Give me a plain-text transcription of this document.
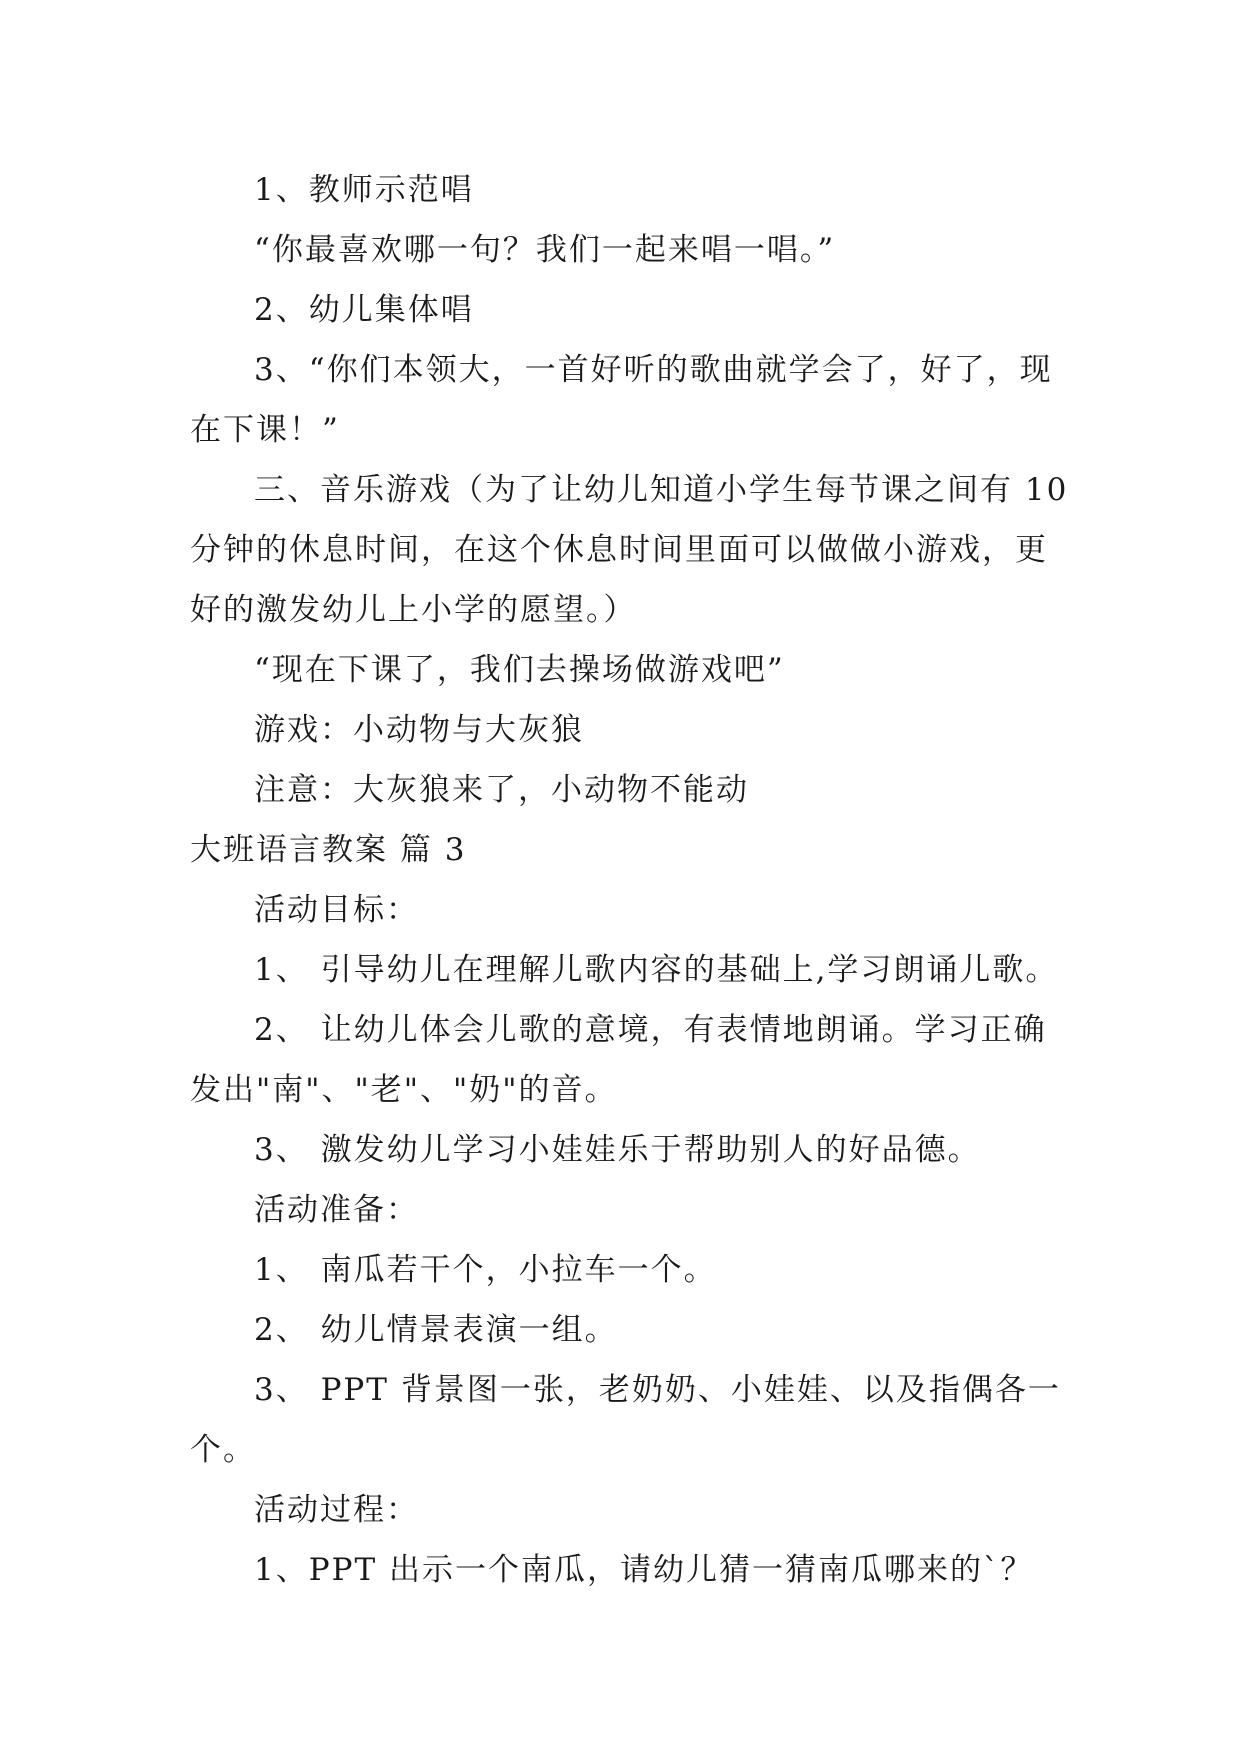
1、教师示范唱
“你最喜欢哪一句？我们一起来唱一唱。”
2、幼儿集体唱
3、“你们本领大，一首好听的歌曲就学会了，好了，现
在下课！”
三、音乐游戏（为了让幼儿知道小学生每节课之间有 10
分钟的休息时间，在这个休息时间里面可以做做小游戏，更
好的激发幼儿上小学的愿望。）
“现在下课了，我们去操场做游戏吧”
游戏：小动物与大灰狼
注意：大灰狼来了，小动物不能动
大班语言教案 篇 3
活动目标：
1、 引导幼儿在理解儿歌内容的基础上,学习朗诵儿歌。
2、 让幼儿体会儿歌的意境，有表情地朗诵。学习正确
发出"南"、"老"、"奶"的音。
3、 激发幼儿学习小娃娃乐于帮助别人的好品德。
活动准备：
1、 南瓜若干个，小拉车一个。
2、 幼儿情景表演一组。
3、 PPT 背景图一张，老奶奶、小娃娃、以及指偶各一
个。
活动过程：
1、PPT 出示一个南瓜，请幼儿猜一猜南瓜哪来的`？
